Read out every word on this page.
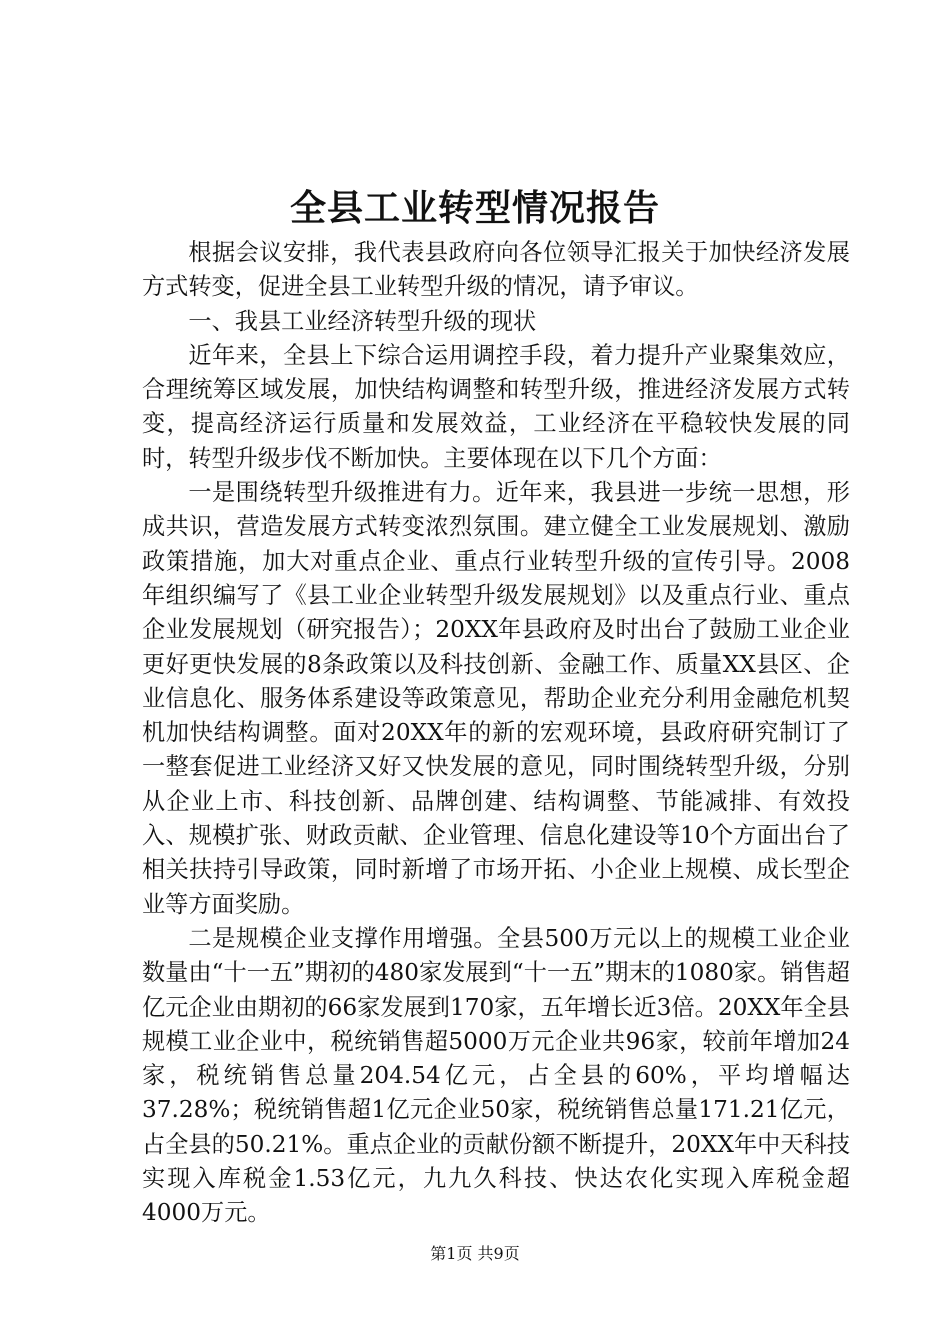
全县工业转型情况报告

根据会议安排，我代表县政府向各位领导汇报关于加快经济发展方式转变，促进全县工业转型升级的情况，请予审议。

一、我县工业经济转型升级的现状

近年来，全县上下综合运用调控手段，着力提升产业聚集效应，合理统筹区域发展，加快结构调整和转型升级，推进经济发展方式转变，提高经济运行质量和发展效益，工业经济在平稳较快发展的同时，转型升级步伐不断加快。主要体现在以下几个方面：

一是围绕转型升级推进有力。近年来，我县进一步统一思想，形成共识，营造发展方式转变浓烈氛围。建立健全工业发展规划、激励政策措施，加大对重点企业、重点行业转型升级的宣传引导。2008年组织编写了《县工业企业转型升级发展规划》以及重点行业、重点企业发展规划（研究报告）；20XX年县政府及时出台了鼓励工业企业更好更快发展的8条政策以及科技创新、金融工作、质量XX县区、企业信息化、服务体系建设等政策意见，帮助企业充分利用金融危机契机加快结构调整。面对20XX年的新的宏观环境，县政府研究制订了一整套促进工业经济又好又快发展的意见，同时围绕转型升级，分别从企业上市、科技创新、品牌创建、结构调整、节能减排、有效投入、规模扩张、财政贡献、企业管理、信息化建设等10个方面出台了相关扶持引导政策，同时新增了市场开拓、小企业上规模、成长型企业等方面奖励。

二是规模企业支撑作用增强。全县500万元以上的规模工业企业数量由“十一五”期初的480家发展到“十一五”期末的1080家。销售超亿元企业由期初的66家发展到170家，五年增长近3倍。20XX年全县规模工业企业中，税统销售超5000万元企业共96家，较前年增加24家，税统销售总量204.54亿元，占全县的60%，平均增幅达37.28%；税统销售超1亿元企业50家，税统销售总量171.21亿元，占全县的50.21%。重点企业的贡献份额不断提升，20XX年中天科技实现入库税金1.53亿元，九九久科技、快达农化实现入库税金超4000万元。

第1页 共9页
